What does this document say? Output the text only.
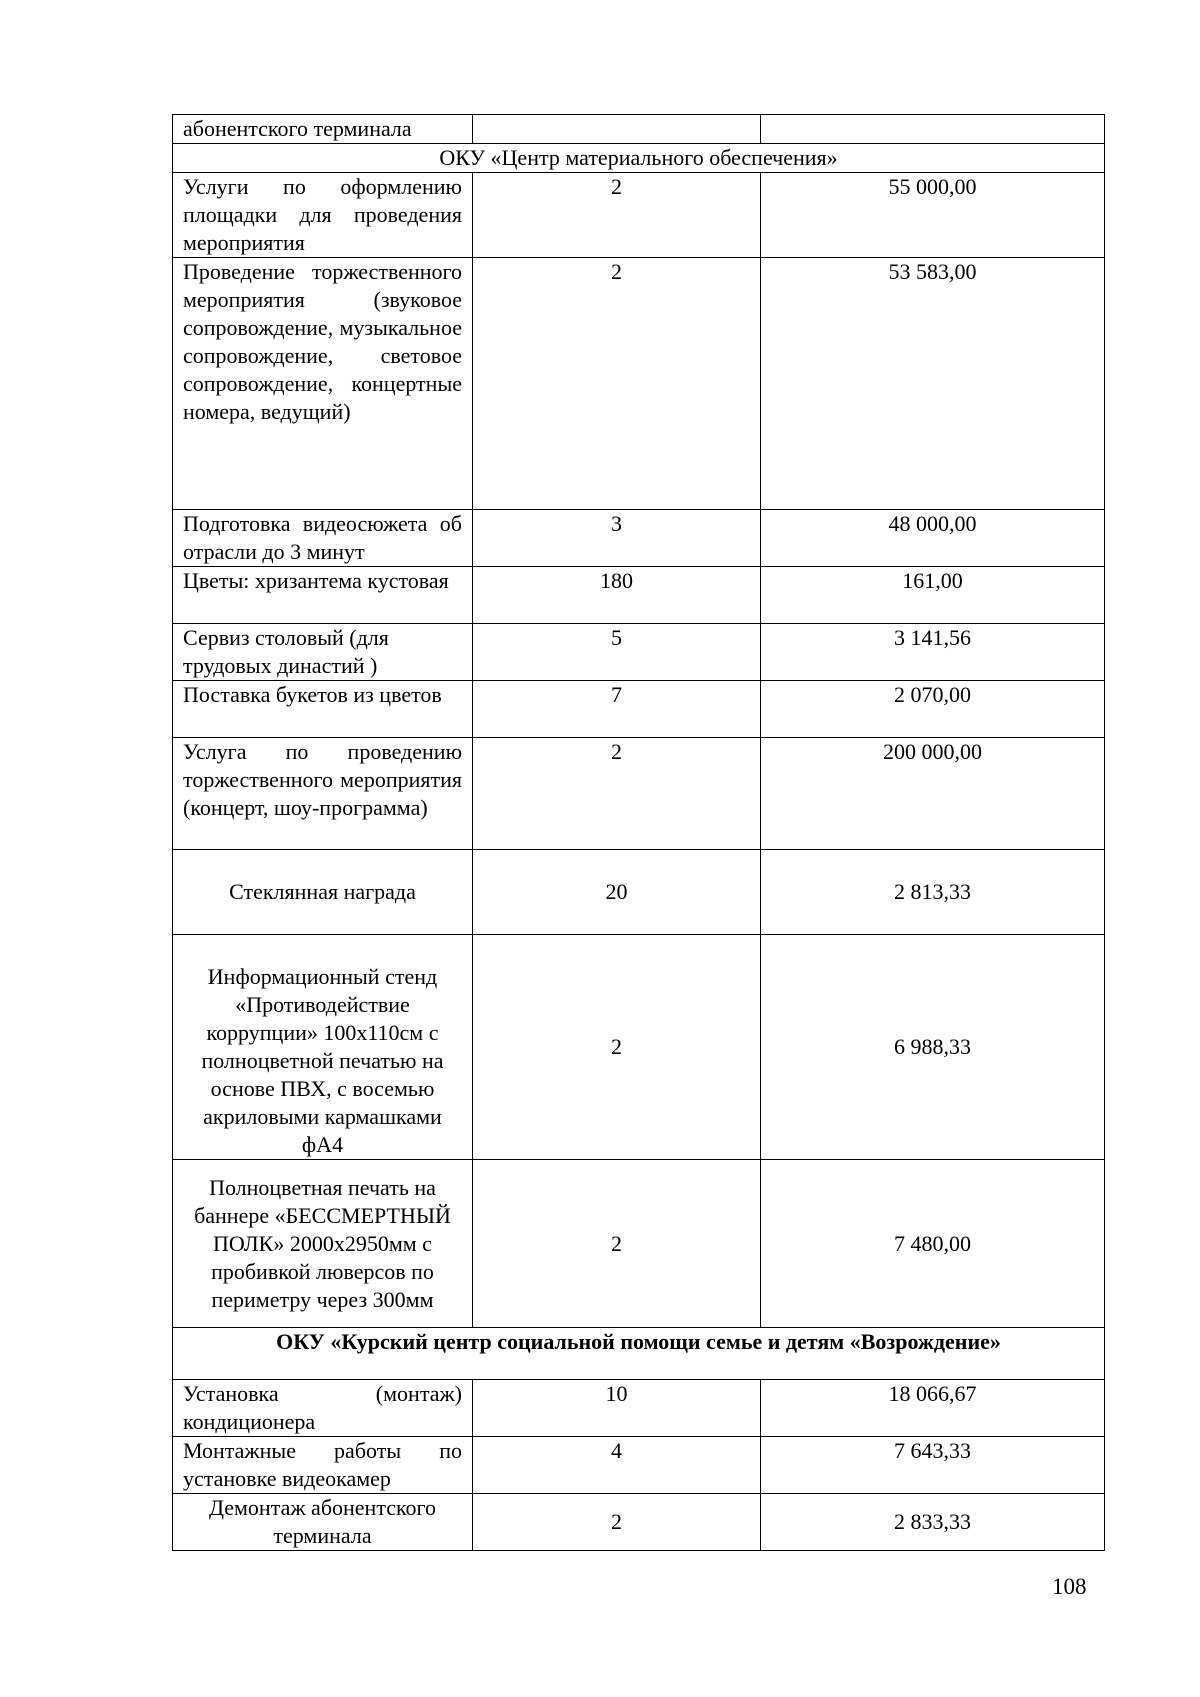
абонентского терминала		
ОКУ «Центр материального обеспечения»		
Услуги по оформлению площадки для проведения мероприятия	2	55 000,00
Проведение торжественного мероприятия (звуковое сопровождение, музыкальное сопровождение, световое сопровождение, концертные номера, ведущий)	2	53 583,00
Подготовка видеосюжета об отрасли до 3 минут	3	48 000,00
Цветы: хризантема кустовая	180	161,00
Сервиз столовый (для трудовых династий )	5	3 141,56
Поставка букетов из цветов	7	2 070,00
Услуга по проведению торжественного мероприятия (концерт, шоу-программа)	2	200 000,00
Стеклянная награда	20	2 813,33
Информационный стенд «Противодействие коррупции» 100х110см с полноцветной печатью на основе ПВХ, с восемью акриловыми кармашками фА4	2	6 988,33
Полноцветная печать на баннере «БЕССМЕРТНЫЙ ПОЛК» 2000х2950мм с пробивкой люверсов по периметру через 300мм	2	7 480,00
ОКУ «Курский центр социальной помощи семье и детям «Возрождение»		
Установка (монтаж) кондиционера	10	18 066,67
Монтажные работы по установке видеокамер	4	7 643,33
Демонтаж абонентского терминала	2	2 833,33
108
